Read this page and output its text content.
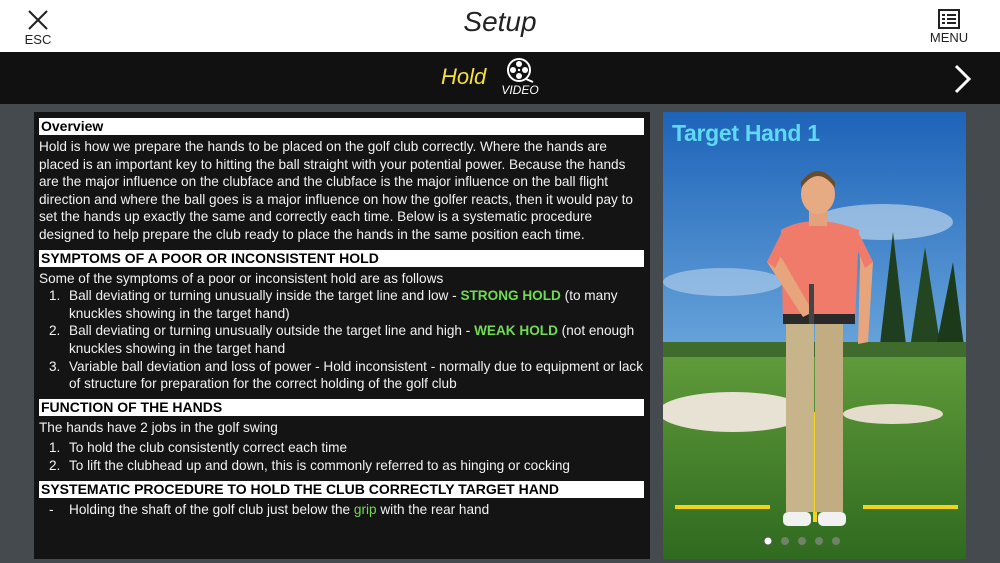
ESC
Setup
MENU
Hold
VIDEO
Overview
Hold is how we prepare the hands to be placed on the golf club correctly. Where the hands are placed is an important key to hitting the ball straight with your potential power. Because the hands are the major influence on the clubface and the clubface is the major influence on the ball flight direction and where the ball goes is a major influence on how the golfer reacts, then it would pay to set the hands up exactly the same and correctly each time. Below is a systematic procedure designed to help prepare the club ready to place the hands in the same position each time.
SYMPTOMS OF A POOR OR INCONSISTENT HOLD
Some of the symptoms of a poor or inconsistent hold are as follows
1. Ball deviating or turning unusually inside the target line and low - STRONG HOLD (to many knuckles showing in the target hand)
2. Ball deviating or turning unusually outside the target line and high - WEAK HOLD (not enough knuckles showing in the target hand
3. Variable ball deviation and loss of power - Hold inconsistent - normally due to equipment or lack of structure for preparation for the correct holding of the golf club
FUNCTION OF THE HANDS
The hands have 2 jobs in the golf swing
1. To hold the club consistently correct each time
2. To lift the clubhead up and down, this is commonly referred to as hinging or cocking
SYSTEMATIC PROCEDURE TO HOLD THE CLUB CORRECTLY TARGET HAND
- Holding the shaft of the golf club just below the grip with the rear hand
Target Hand 1
